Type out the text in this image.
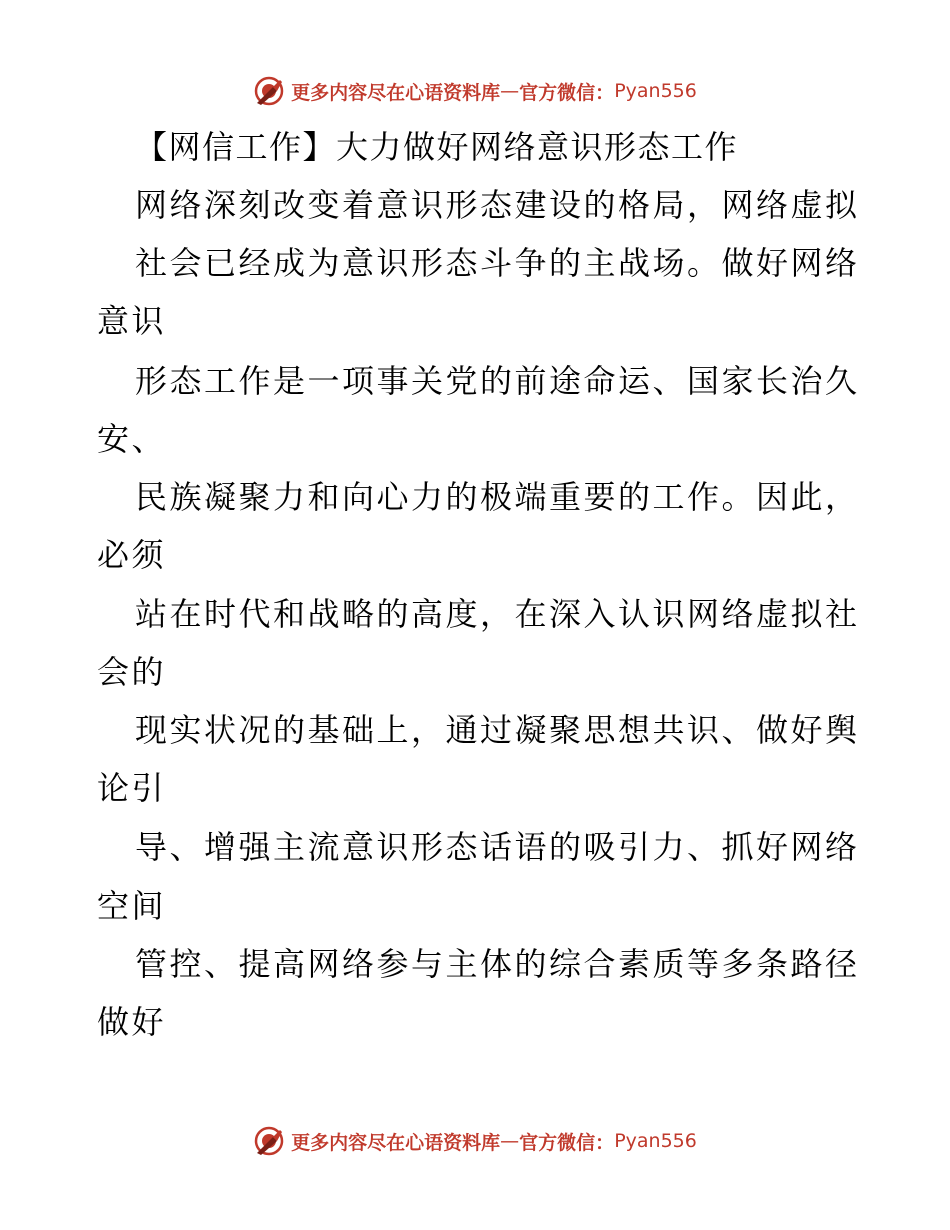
更多内容尽在心语资料库 — 官方微信： Pyan556
【网信工作】大力做好网络意识形态工作
网络深刻改变着意识形态建设的格局，网络虚拟
社会已经成为意识形态斗争的主战场。做好网络
意识
形态工作是一项事关党的前途命运、国家长治久
安、
民族凝聚力和向心力的极端重要的工作。因此，
必须
站在时代和战略的高度，在深入认识网络虚拟社
会的
现实状况的基础上，通过凝聚思想共识、做好舆
论引
导、增强主流意识形态话语的吸引力、抓好网络
空间
管控、提高网络参与主体的综合素质等多条路径
做好
更多内容尽在心语资料库 — 官方微信： Pyan556
